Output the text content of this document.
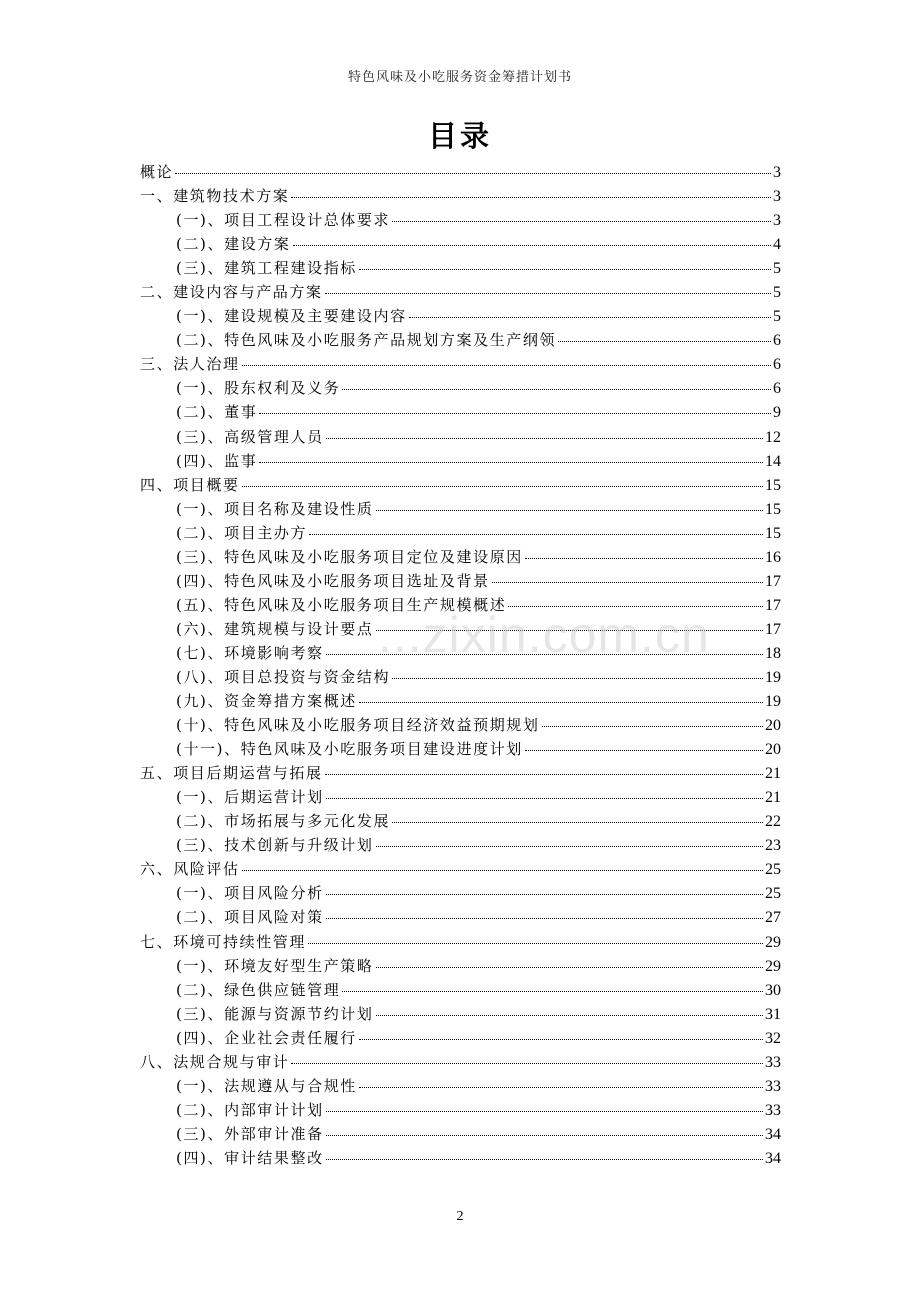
特色风味及小吃服务资金筹措计划书
目录
概论	3
一、建筑物技术方案	3
(一)、项目工程设计总体要求	3
(二)、建设方案	4
(三)、建筑工程建设指标	5
二、建设内容与产品方案	5
(一)、建设规模及主要建设内容	5
(二)、特色风味及小吃服务产品规划方案及生产纲领	6
三、法人治理	6
(一)、股东权利及义务	6
(二)、董事	9
(三)、高级管理人员	12
(四)、监事	14
四、项目概要	15
(一)、项目名称及建设性质	15
(二)、项目主办方	15
(三)、特色风味及小吃服务项目定位及建设原因	16
(四)、特色风味及小吃服务项目选址及背景	17
(五)、特色风味及小吃服务项目生产规模概述	17
(六)、建筑规模与设计要点	17
(七)、环境影响考察	18
(八)、项目总投资与资金结构	19
(九)、资金筹措方案概述	19
(十)、特色风味及小吃服务项目经济效益预期规划	20
(十一)、特色风味及小吃服务项目建设进度计划	20
五、项目后期运营与拓展	21
(一)、后期运营计划	21
(二)、市场拓展与多元化发展	22
(三)、技术创新与升级计划	23
六、风险评估	25
(一)、项目风险分析	25
(二)、项目风险对策	27
七、环境可持续性管理	29
(一)、环境友好型生产策略	29
(二)、绿色供应链管理	30
(三)、能源与资源节约计划	31
(四)、企业社会责任履行	32
八、法规合规与审计	33
(一)、法规遵从与合规性	33
(二)、内部审计计划	33
(三)、外部审计准备	34
(四)、审计结果整改	34
...zixin.com.cn
2
